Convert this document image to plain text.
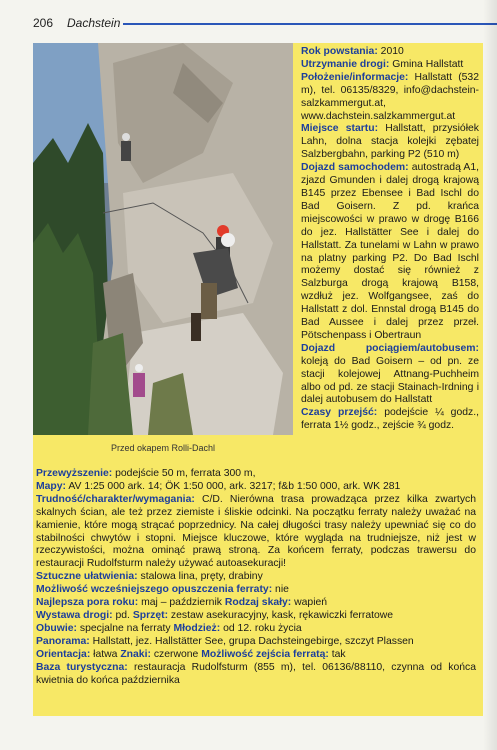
206 Dachstein
Przed okapem Rolli-Dachl

Rok powstania: 2010

Utrzymanie drogi: Gmina Hallstatt

Położenie/informacje: Hallstatt (532 m), tel. 06135/8329, info@dachstein-salzkammergut.at, www.dachstein.salzkammergut.at

Miejsce startu: Hallstatt, przysiółek Lahn, dolna stacja kolejki zębatej Salzbergbahn, parking P2 (510 m)

Dojazd samochodem: autostradą A1, zjazd Gmunden i dalej drogą krajową B145 przez Ebensee i Bad Ischl do Bad Goisern. Z pd. krańca miejscowości w prawo w drogę B166 do jez. Hallstätter See i dalej do Hallstatt. Za tunelami w Lahn w prawo na platny parking P2. Do Bad Ischl możemy dostać się również z Salzburga drogą krajową B158, wzdłuż jez. Wolfgangsee, zaś do Hallstatt z dol. Ennstal drogą B145 do Bad Aussee i dalej przez przeł. Pötschenpass i Obertraun

Dojazd pociągiem/autobusem: koleją do Bad Goisern – od pn. ze stacji kolejowej Attnang-Puchheim albo od pd. ze stacji Stainach-Irdning i dalej autobusem do Hallstatt

Czasy przejść: podejście ¼ godz., ferrata 1½ godz., zejście ¾ godz.

Przewyższenie: podejście 50 m, ferrata 300 m,

Mapy: AV 1:25 000 ark. 14; ÖK 1:50 000, ark. 3217; f&b 1:50 000, ark. WK 281

Trudność/charakter/wymagania: C/D. Nierówna trasa prowadząca przez kilka zwartych skalnych ścian, ale też przez ziemiste i śliskie odcinki. Na początku ferraty należy uważać na kamienie, które mogą strącać poprzednicy. Na całej długości trasy należy upewniać się co do stabilności chwytów i stopni. Miejsce kluczowe, które wygląda na trudniejsze, niż jest w rzeczywistości, można ominąć prawą stroną. Za końcem ferraty, podczas trawersu do restauracji Rudolfsturm należy używać autoasekuracji!

Sztuczne ułatwienia: stalowa lina, pręty, drabiny

Możliwość wcześniejszego opuszczenia ferraty: nie

Najlepsza pora roku: maj – październik Rodzaj skały: wapień

Wystawa drogi: pd. Sprzęt: zestaw asekuracyjny, kask, rękawiczki ferratowe

Obuwie: specjalne na ferraty Młodzież: od 12. roku życia

Panorama: Hallstatt, jez. Hallstätter See, grupa Dachsteingebirge, szczyt Plassen

Orientacja: łatwa Znaki: czerwone Możliwość zejścia ferratą: tak

Baza turystyczna: restauracja Rudolfsturm (855 m), tel. 06136/88110, czynna od końca kwietnia do końca października
